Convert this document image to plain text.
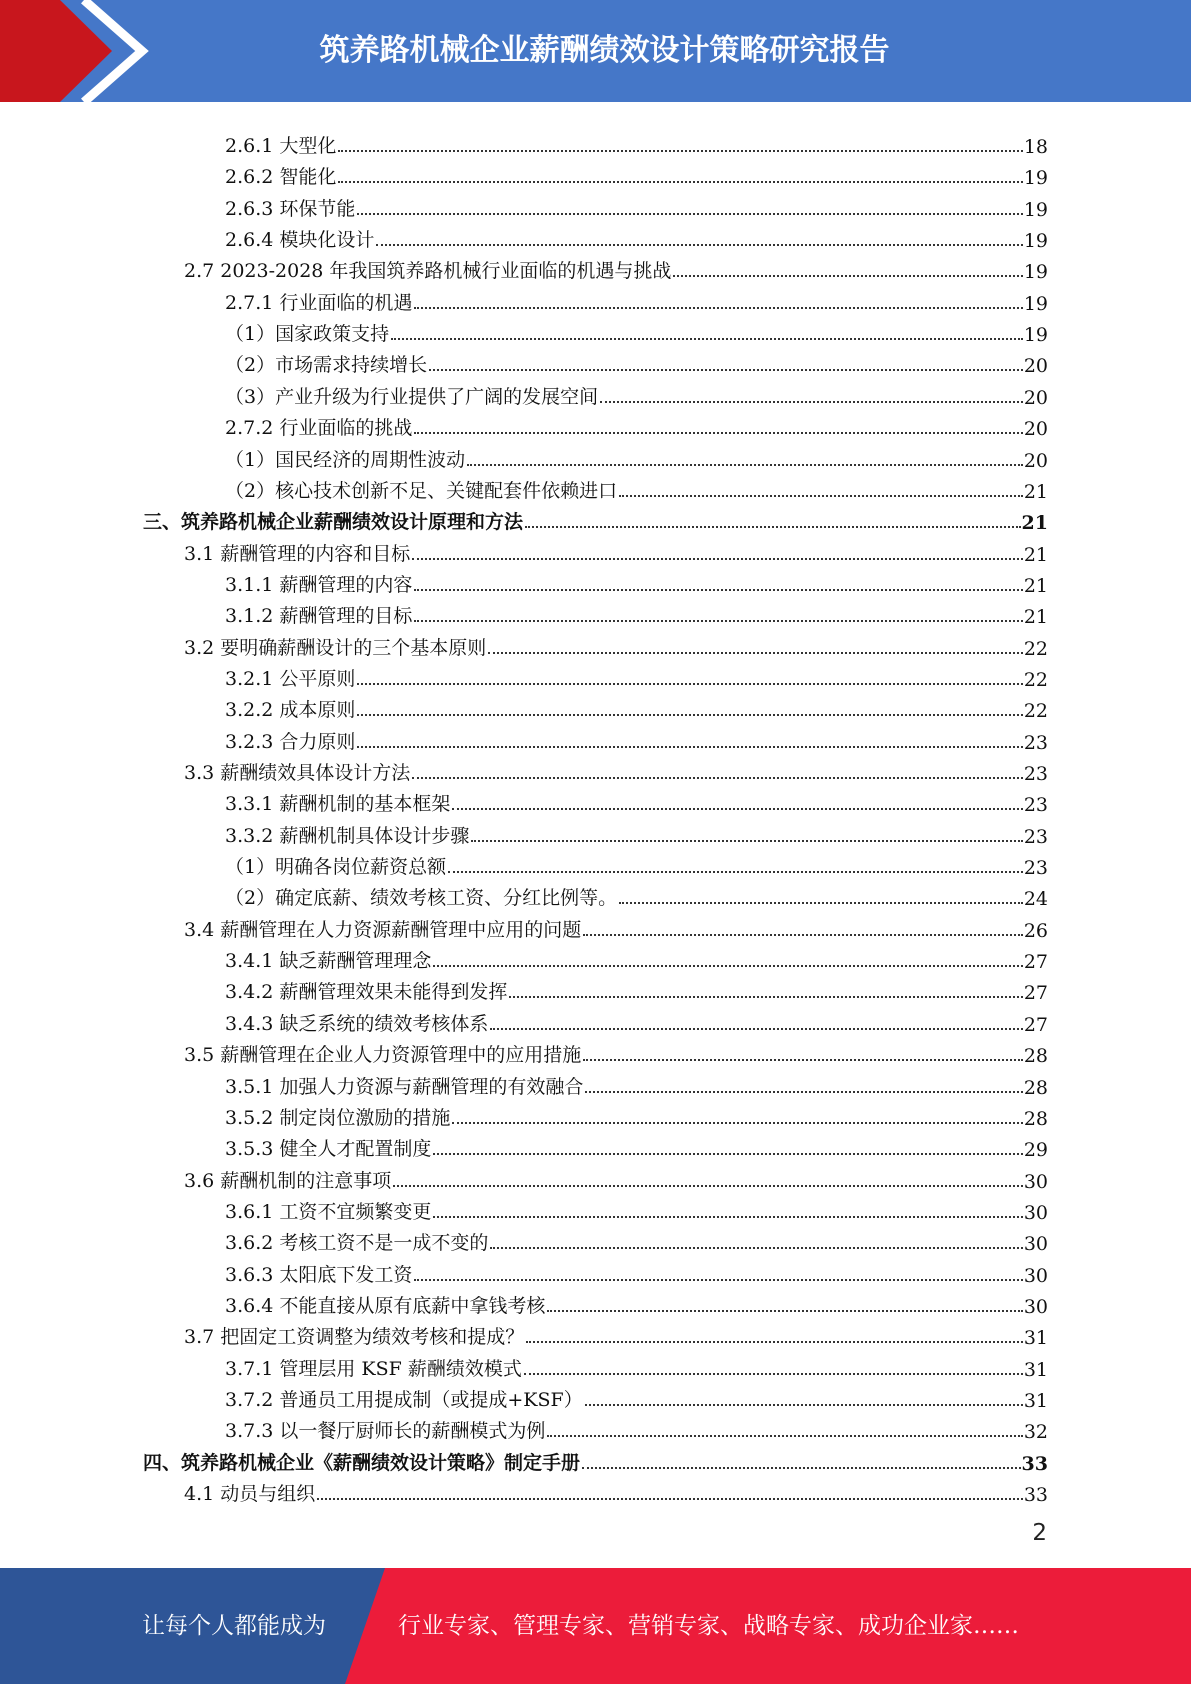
筑养路机械企业薪酬绩效设计策略研究报告
2.6.1 大型化	18
2.6.2 智能化	19
2.6.3 环保节能	19
2.6.4 模块化设计	19
2.7 2023-2028 年我国筑养路机械行业面临的机遇与挑战	19
2.7.1 行业面临的机遇	19
（1）国家政策支持	19
（2）市场需求持续增长	20
（3）产业升级为行业提供了广阔的发展空间	20
2.7.2 行业面临的挑战	20
（1）国民经济的周期性波动	20
（2）核心技术创新不足、关键配套件依赖进口	21
三、筑养路机械企业薪酬绩效设计原理和方法	21
3.1 薪酬管理的内容和目标	21
3.1.1 薪酬管理的内容	21
3.1.2 薪酬管理的目标	21
3.2 要明确薪酬设计的三个基本原则	22
3.2.1 公平原则	22
3.2.2 成本原则	22
3.2.3 合力原则	23
3.3 薪酬绩效具体设计方法	23
3.3.1 薪酬机制的基本框架	23
3.3.2 薪酬机制具体设计步骤	23
（1）明确各岗位薪资总额	23
（2）确定底薪、绩效考核工资、分红比例等。	24
3.4 薪酬管理在人力资源薪酬管理中应用的问题	26
3.4.1 缺乏薪酬管理理念	27
3.4.2 薪酬管理效果未能得到发挥	27
3.4.3 缺乏系统的绩效考核体系	27
3.5 薪酬管理在企业人力资源管理中的应用措施	28
3.5.1 加强人力资源与薪酬管理的有效融合	28
3.5.2 制定岗位激励的措施	28
3.5.3 健全人才配置制度	29
3.6 薪酬机制的注意事项	30
3.6.1 工资不宜频繁变更	30
3.6.2 考核工资不是一成不变的	30
3.6.3 太阳底下发工资	30
3.6.4 不能直接从原有底薪中拿钱考核	30
3.7 把固定工资调整为绩效考核和提成？	31
3.7.1 管理层用 KSF 薪酬绩效模式	31
3.7.2 普通员工用提成制（或提成+KSF）	31
3.7.3 以一餐厅厨师长的薪酬模式为例	32
四、筑养路机械企业《薪酬绩效设计策略》制定手册	33
4.1 动员与组织	33
2
让每个人都能成为	行业专家、管理专家、营销专家、战略专家、成功企业家……
